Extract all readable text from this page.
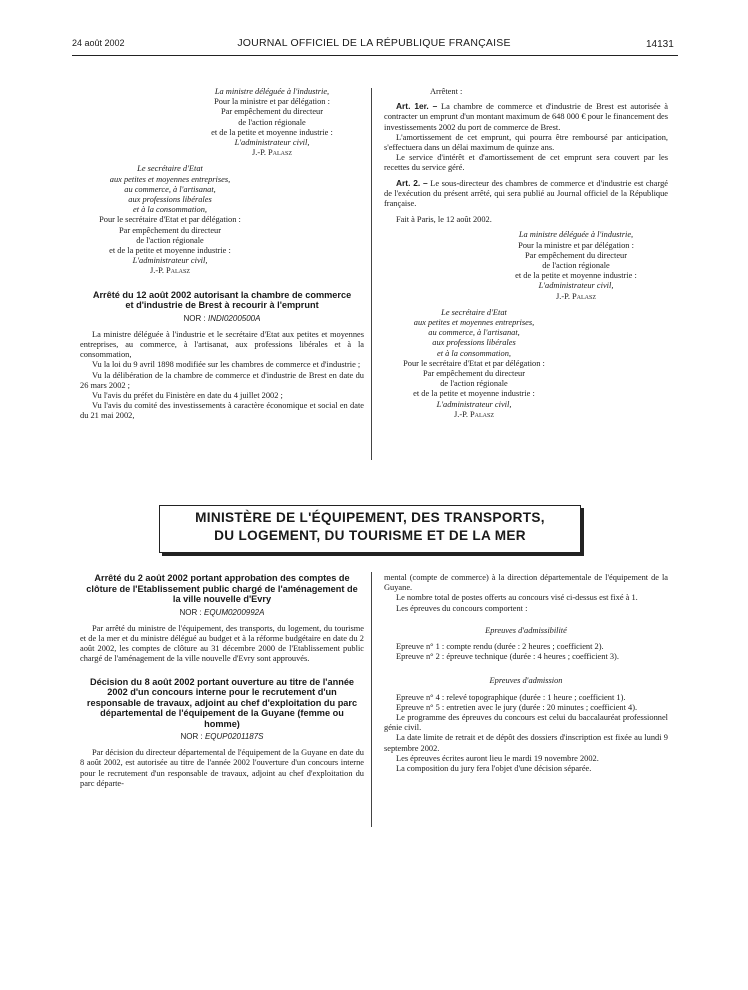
24 août 2002	JOURNAL OFFICIEL DE LA RÉPUBLIQUE FRANÇAISE	14131

La ministre déléguée à l'industrie,

Pour la ministre et par délégation :

Par empêchement du directeur

de l'action régionale

et de la petite et moyenne industrie :

L'administrateur civil,

J.-P. Palasz

Le secrétaire d'Etat

aux petites et moyennes entreprises,

au commerce, à l'artisanat,

aux professions libérales

et à la consommation,

Pour le secrétaire d'Etat et par délégation :

Par empêchement du directeur

de l'action régionale

et de la petite et moyenne industrie :

L'administrateur civil,

J.-P. Palasz

Arrêté du 12 août 2002 autorisant la chambre de commerce et d'industrie de Brest à recourir à l'emprunt
NOR : INDI0200500A

La ministre déléguée à l'industrie et le secrétaire d'Etat aux petites et moyennes entreprises, au commerce, à l'artisanat, aux professions libérales et à la consommation,

Vu la loi du 9 avril 1898 modifiée sur les chambres de commerce et d'industrie ;

Vu la délibération de la chambre de commerce et d'industrie de Brest en date du 26 mars 2002 ;

Vu l'avis du préfet du Finistère en date du 4 juillet 2002 ;

Vu l'avis du comité des investissements à caractère économique et social en date du 21 mai 2002,

Arrêtent :

Art. 1er. – La chambre de commerce et d'industrie de Brest est autorisée à contracter un emprunt d'un montant maximum de 648 000 € pour le financement des investissements 2002 du port de commerce de Brest.

L'amortissement de cet emprunt, qui pourra être remboursé par anticipation, s'effectuera dans un délai maximum de quinze ans.

Le service d'intérêt et d'amortissement de cet emprunt sera couvert par les recettes du service géré.

Art. 2. – Le sous-directeur des chambres de commerce et d'industrie est chargé de l'exécution du présent arrêté, qui sera publié au Journal officiel de la République française.

Fait à Paris, le 12 août 2002.

La ministre déléguée à l'industrie,

Pour la ministre et par délégation :

Par empêchement du directeur

de l'action régionale

et de la petite et moyenne industrie :

L'administrateur civil,

J.-P. Palasz

Le secrétaire d'Etat

aux petites et moyennes entreprises,

au commerce, à l'artisanat,

aux professions libérales

et à la consommation,

Pour le secrétaire d'Etat et par délégation :

Par empêchement du directeur

de l'action régionale

et de la petite et moyenne industrie :

L'administrateur civil,

J.-P. Palasz

MINISTÈRE DE L'ÉQUIPEMENT, DES TRANSPORTS,
DU LOGEMENT, DU TOURISME ET DE LA MER
Arrêté du 2 août 2002 portant approbation des comptes de clôture de l'Etablissement public chargé de l'aménagement de la ville nouvelle d'Evry
NOR : EQUM0200992A

Par arrêté du ministre de l'équipement, des transports, du logement, du tourisme et de la mer et du ministre délégué au budget et à la réforme budgétaire en date du 2 août 2002, les comptes de clôture au 31 décembre 2000 de l'Etablissement public chargé de l'aménagement de la ville nouvelle d'Evry sont approuvés.

Décision du 8 août 2002 portant ouverture au titre de l'année 2002 d'un concours interne pour le recrutement d'un responsable de travaux, adjoint au chef d'exploitation du parc départemental de l'équipement de la Guyane (femme ou homme)
NOR : EQUP0201187S

Par décision du directeur départemental de l'équipement de la Guyane en date du 8 août 2002, est autorisée au titre de l'année 2002 l'ouverture d'un concours interne pour le recrutement d'un responsable de travaux, adjoint au chef d'exploitation du parc départe-

mental (compte de commerce) à la direction départementale de l'équipement de la Guyane.

Le nombre total de postes offerts au concours visé ci-dessus est fixé à 1.

Les épreuves du concours comportent :

Epreuves d'admissibilité

Epreuve n° 1 : compte rendu (durée : 2 heures ; coefficient 2).

Epreuve n° 2 : épreuve technique (durée : 4 heures ; coefficient 3).

Epreuves d'admission

Epreuve n° 4 : relevé topographique (durée : 1 heure ; coefficient 1).

Epreuve n° 5 : entretien avec le jury (durée : 20 minutes ; coefficient 4).

Le programme des épreuves du concours est celui du baccalauréat professionnel génie civil.

La date limite de retrait et de dépôt des dossiers d'inscription est fixée au lundi 9 septembre 2002.

Les épreuves écrites auront lieu le mardi 19 novembre 2002.

La composition du jury fera l'objet d'une décision séparée.
